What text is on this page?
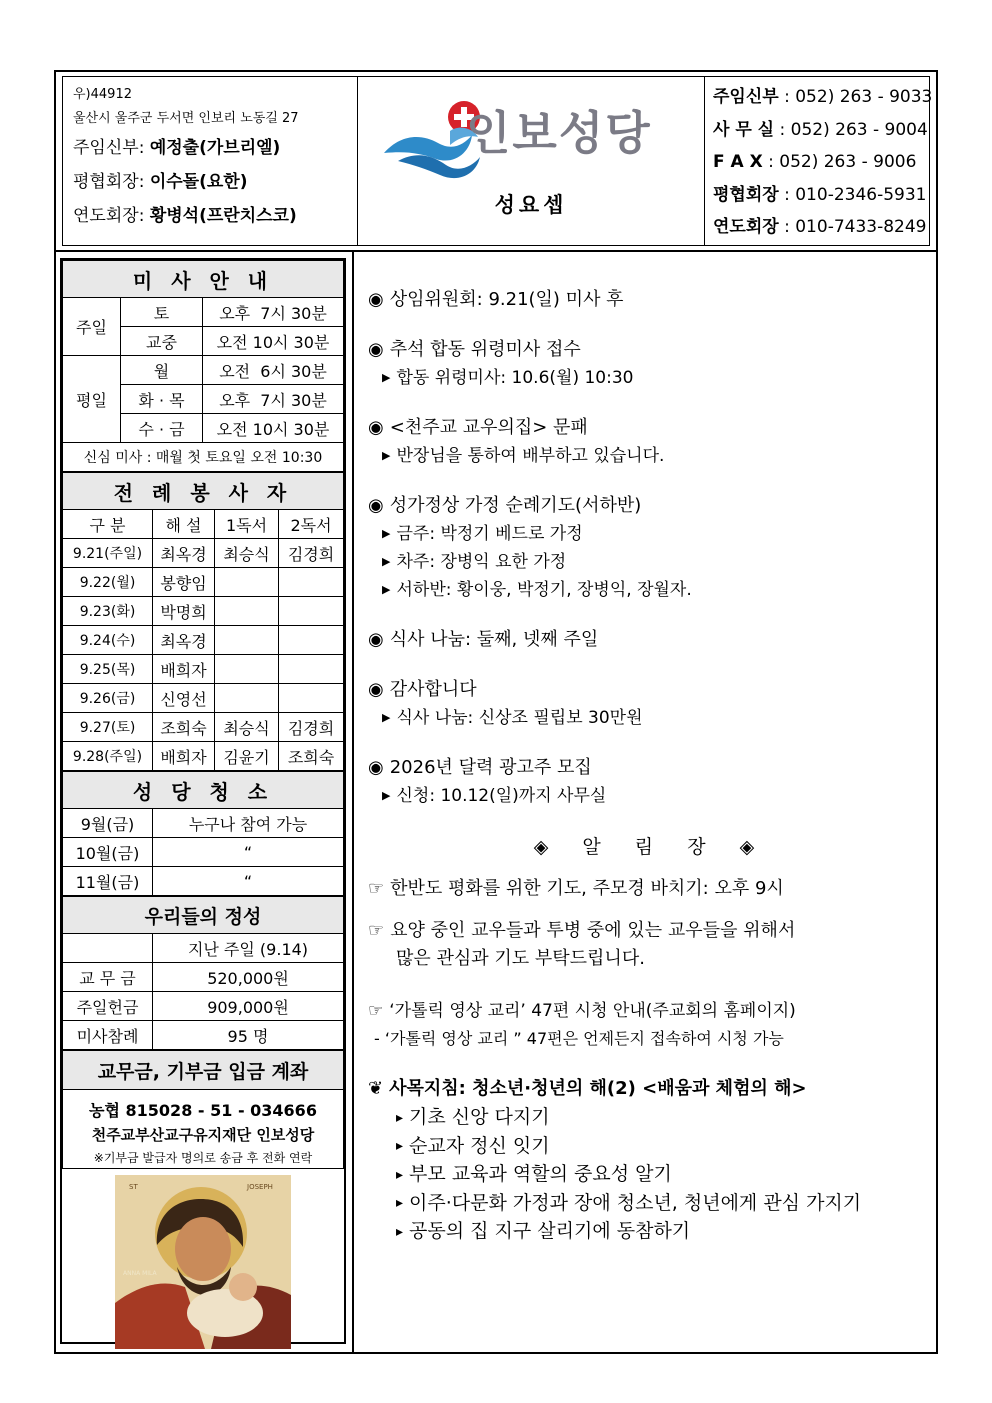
우)44912
울산시 울주군 두서면 인보리 노동길 27
주임신부: 예정출(가브리엘)
평협회장: 이수돌(요한)
연도회장: 황병석(프란치스코)
인보성당
성요셉
주임신부 : 052) 263 - 9033
사 무 실 : 052) 263 - 9004
F A X : 052) 263 - 9006
평협회장 : 010-2346-5931
연도회장 : 010-7433-8249
미 사 안 내		
주일	토	오후  7시 30분
	교중	오전 10시 30분
평일	월	오전  6시 30분
	화 · 목	오후  7시 30분
	수 · 금	오전 10시 30분
신심 미사 : 매월 첫 토요일 오전 10:30		
전 례 봉 사 자			
구 분	해 설	1독서	2독서
9.21(주일)	최옥경	최승식	김경희
9.22(월)	봉향임		
9.23(화)	박명희		
9.24(수)	최옥경		
9.25(목)	배희자		
9.26(금)	신영선		
9.27(토)	조희숙	최승식	김경희
9.28(주일)	배희자	김윤기	조희숙
성 당 청 소	
9월(금)	누구나 참여 가능
10월(금)	“
11월(금)	“
우리들의 정성	
	지난 주일 (9.14)
교 무 금	520,000원
주일헌금	909,000원
미사참례	95 명
교무금, 기부금 입금 계좌
농협 815028 - 51 - 034666
천주교부산교구유지재단 인보성당
※기부금 발급자 명의로 송금 후 전화 연락
ST	JOSEPH
ANNA MILA
◉ 상임위원회: 9.21(일) 미사 후
◉ 추석 합동 위령미사 접수
▶ 합동 위령미사: 10.6(월) 10:30
◉ <천주교 교우의집> 문패
▶ 반장님을 통하여 배부하고 있습니다.
◉ 성가정상 가정 순례기도(서하반)
▶ 금주: 박정기 베드로 가정
▶ 차주: 장병익 요한 가정
▶ 서하반: 황이웅, 박정기, 장병익, 장월자.
◉ 식사 나눔: 둘째, 넷째 주일
◉ 감사합니다
▶ 식사 나눔: 신상조 필립보 30만원
◉ 2026년 달력 광고주 모집
▶ 신청: 10.12(일)까지 사무실
◈ 알 림 장 ◈
☞ 한반도 평화를 위한 기도, 주모경 바치기: 오후 9시
☞ 요양 중인 교우들과 투병 중에 있는 교우들을 위해서
많은 관심과 기도 부탁드립니다.
☞ ‘가톨릭 영상 교리’ 47편 시청 안내(주교회의 홈페이지)
- ‘가톨릭 영상 교리 ” 47편은 언제든지 접속하여 시청 가능
❦ 사목지침: 청소년·청년의 해(2) <배움과 체험의 해>
▸ 기초 신앙 다지기
▸ 순교자 정신 잇기
▸ 부모 교육과 역할의 중요성 알기
▸ 이주·다문화 가정과 장애 청소년, 청년에게 관심 가지기
▸ 공동의 집 지구 살리기에 동참하기
